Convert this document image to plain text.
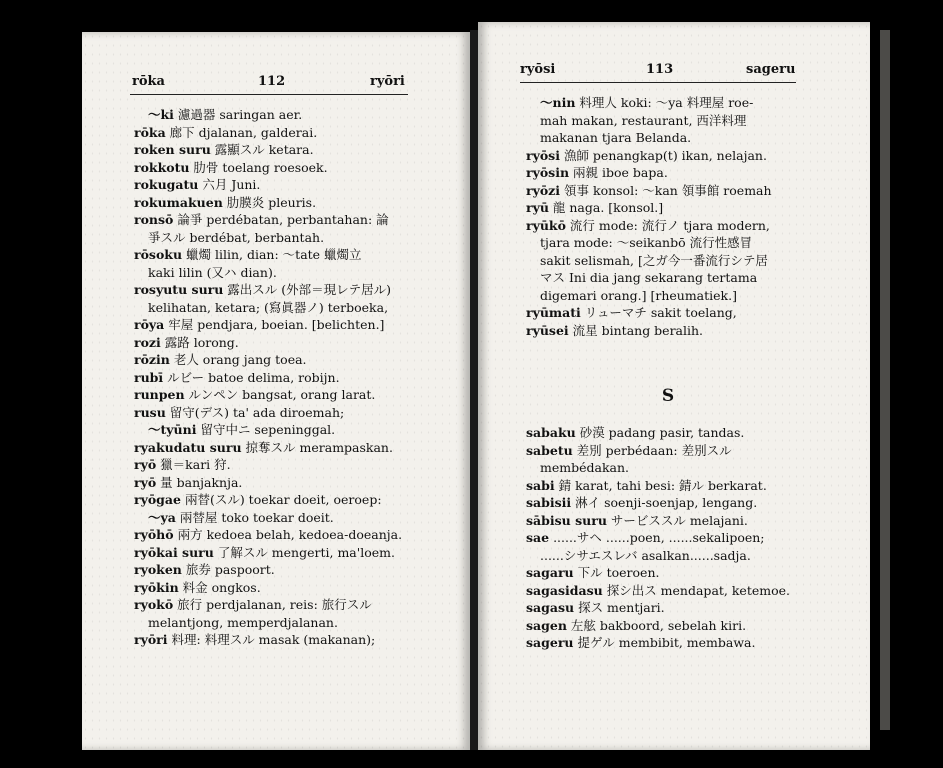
rōka	112	ryōri
～ki 濾過器 saringan aer.
rōka 廊下 djalanan, galderai.
roken suru 露顯スル ketara.
rokkotu 肋骨 toelang roesoek.
rokugatu 六月 Juni.
rokumakuen 肋膜炎 pleuris.
ronsō 論爭 perdébatan, perbantahan: 論
爭スル berdébat, berbantah.
rōsoku 蠟燭 lilin, dian: ～tate 蠟燭立
kaki lilin (又ハ dian).
rosyutu suru 露出スル (外部＝現レテ居ル)
kelihatan, ketara; (寫眞器ノ) terboeka,
rōya 牢屋 pendjara, boeian. [belichten.]
rozi 露路 lorong.
rōzin 老人 orang jang toea.
rubī ルビー batoe delima, robijn.
runpen ルンペン bangsat, orang larat.
rusu 留守(デス) ta' ada diroemah;
～tyūni 留守中ニ sepeninggal.
ryakudatu suru 掠奪スル merampaskan.
ryō 獵＝kari 狩.
ryō 量 banjaknja.
ryōgae 兩替(スル) toekar doeit, oeroep:
～ya 兩替屋 toko toekar doeit.
ryōhō 兩方 kedoea belah, kedoea-doeanja.
ryōkai suru 了解スル mengerti, ma'loem.
ryoken 旅券 paspoort.
ryōkin 料金 ongkos.
ryokō 旅行 perdjalanan, reis: 旅行スル
melantjong, memperdjalanan.
ryōri 料理: 料理スル masak (makanan);
ryōsi	113	sageru
～nin 料理人 koki: ～ya 料理屋 roe-
mah makan, restaurant, 西洋料理
makanan tjara Belanda.
ryōsi 漁師 penangkap(t) ikan, nelajan.
ryōsin 兩親 iboe bapa.
ryōzi 領事 konsol: ～kan 領事館 roemah
ryū 龍 naga. [konsol.]
ryūkō 流行 mode: 流行ノ tjara modern,
tjara mode: ～seikanbō 流行性感冒
sakit selismah, [之ガ今一番流行シテ居
マス Ini dia jang sekarang tertama
digemari orang.] [rheumatiek.]
ryūmati リューマチ sakit toelang,
ryūsei 流星 bintang beralih.
S
sabaku 砂漠 padang pasir, tandas.
sabetu 差別 perbédaan: 差別スル
membédakan.
sabi 錆 karat, tahi besi: 錆ル berkarat.
sabisii 淋イ soenji-soenjap, lengang.
sābisu suru サービススル melajani.
sae ......サヘ ......poen, ......sekalipoen;
......シサエスレバ asalkan......sadja.
sagaru 下ル toeroen.
sagasidasu 探シ出ス mendapat, ketemoe.
sagasu 探ス mentjari.
sagen 左舷 bakboord, sebelah kiri.
sageru 提ゲル membibit, membawa.
